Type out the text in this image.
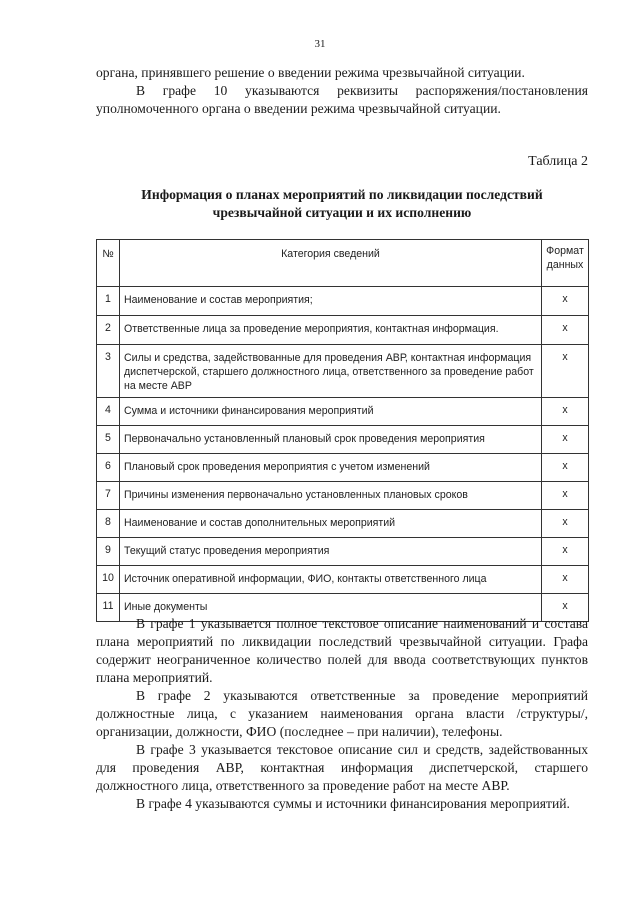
31

органа, принявшего решение о введении режима чрезвычайной ситуации.

В графе 10 указываются реквизиты распоряжения/постановления уполномоченного органа о введении режима чрезвычайной ситуации.

Таблица 2
Информация о планах мероприятий по ликвидации последствий
чрезвычайной ситуации и их исполнению
№	Категория сведений	Формат
данных

1	Наименование и состав мероприятия;	x
2	Ответственные лица за проведение мероприятия, контактная информация.	x
3	Силы и средства, задействованные для проведения АВР, контактная информация диспетчерской, старшего должностного лица, ответственного за проведение работ на месте АВР	x
4	Сумма и источники финансирования мероприятий	x
5	Первоначально установленный плановый срок проведения мероприятия	x
6	Плановый срок проведения мероприятия с учетом изменений	x
7	Причины изменения первоначально установленных плановых сроков	x
8	Наименование и состав дополнительных мероприятий	x
9	Текущий статус проведения мероприятия	x
10	Источник оперативной информации, ФИО, контакты ответственного лица	x
11	Иные документы	x

В графе 1 указывается полное текстовое описание наименований и состава плана мероприятий по ликвидации последствий чрезвычайной ситуации. Графа содержит неограниченное количество полей для ввода соответствующих пунктов плана мероприятий.

В графе 2 указываются ответственные за проведение мероприятий должностные лица, с указанием наименования органа власти /структуры/, организации, должности, ФИО (последнее – при наличии), телефоны.

В графе 3 указывается текстовое описание сил и средств, задействованных для проведения АВР, контактная информация диспетчерской, старшего должностного лица, ответственного за проведение работ на месте АВР.

В графе 4 указываются суммы и источники финансирования мероприятий.
